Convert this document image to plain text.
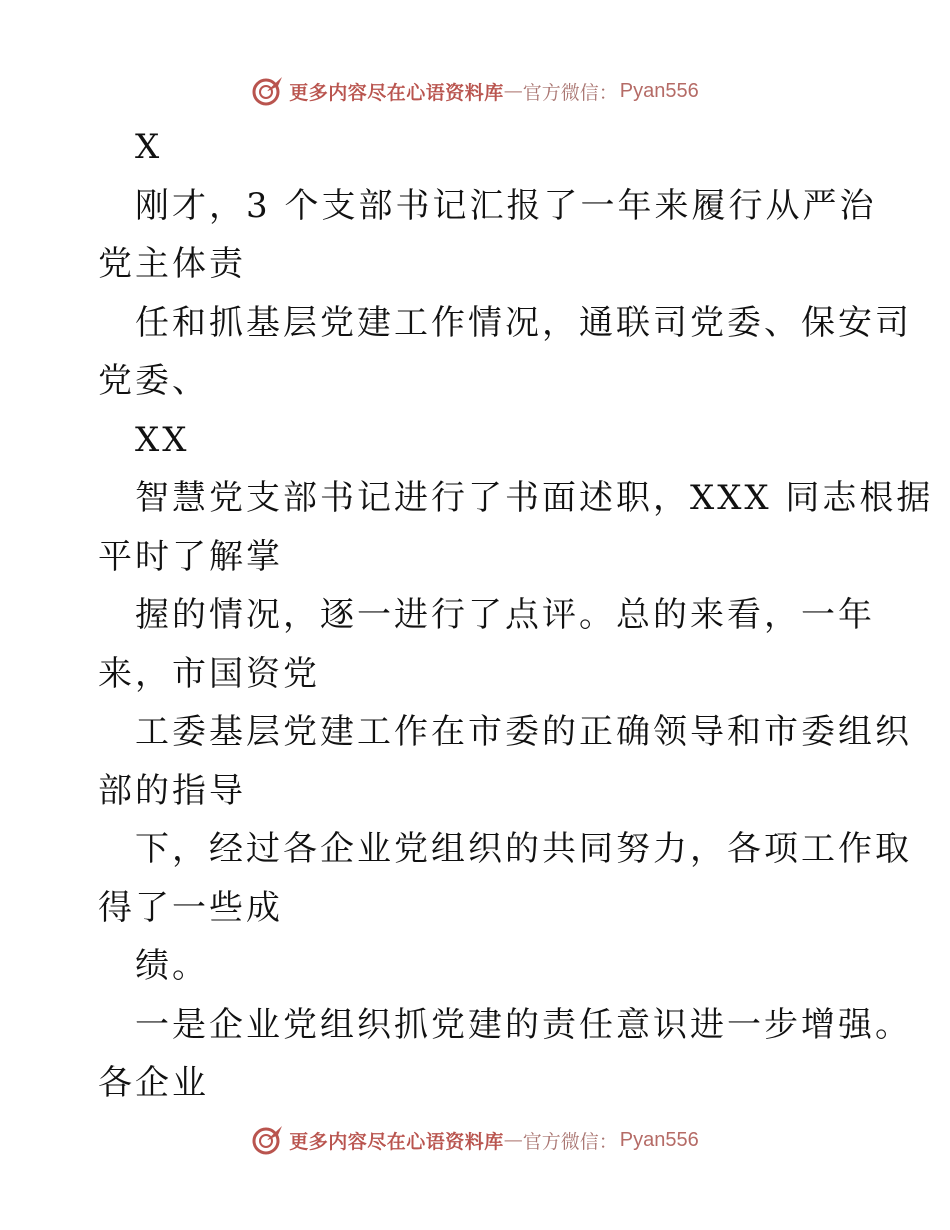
更多内容尽在心语资料库 — 官方微信： Pyan556

X

刚才，3 个支部书记汇报了一年来履行从严治

党主体责

任和抓基层党建工作情况，通联司党委、保安司

党委、

XX

智慧党支部书记进行了书面述职，XXX 同志根据

平时了解掌

握的情况，逐一进行了点评。总的来看，一年

来，市国资党

工委基层党建工作在市委的正确领导和市委组织

部的指导

下，经过各企业党组织的共同努力，各项工作取

得了一些成

绩。

一是企业党组织抓党建的责任意识进一步增强。

各企业

更多内容尽在心语资料库 — 官方微信： Pyan556
